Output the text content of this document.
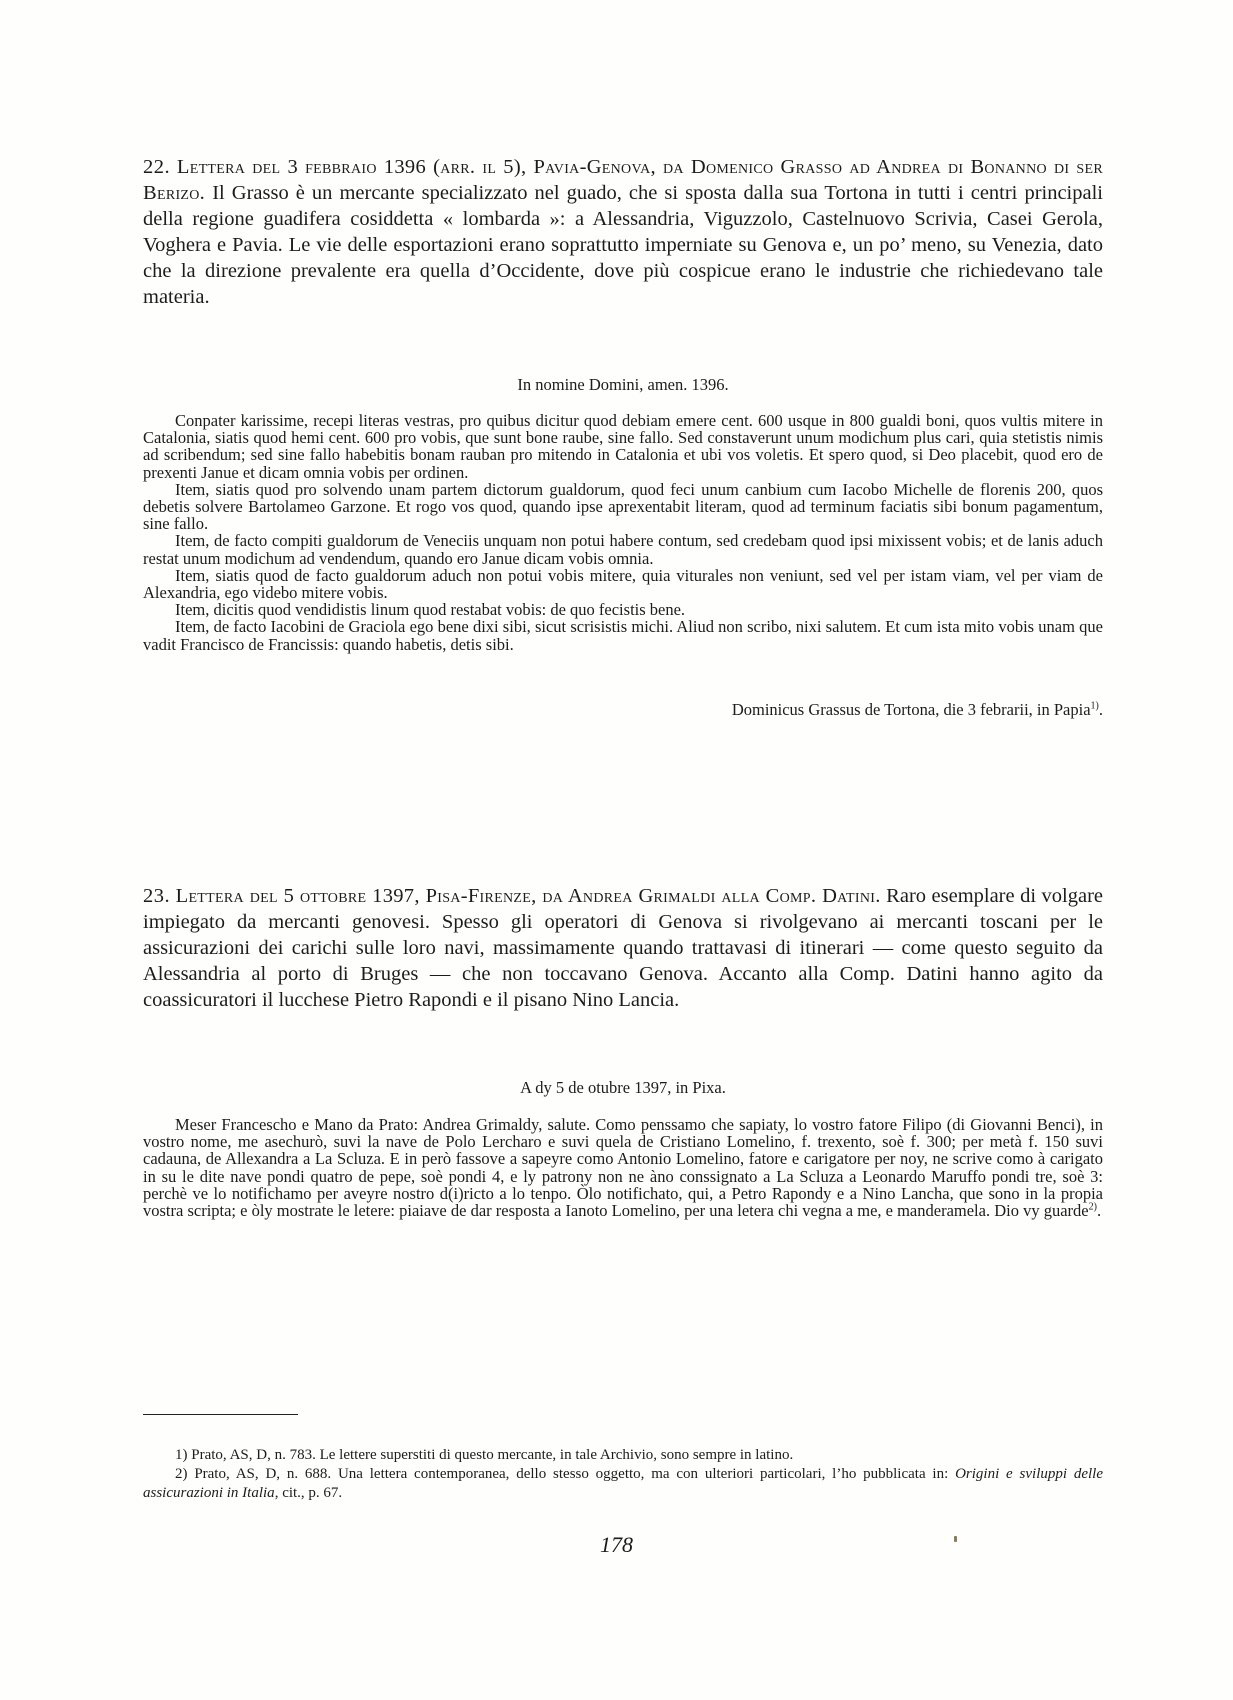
22. Lettera del 3 febbraio 1396 (arr. il 5), Pavia-Genova, da Domenico Grasso ad Andrea di Bonanno di ser Berizo. Il Grasso è un mercante specializzato nel guado, che si sposta dalla sua Tortona in tutti i centri principali della regione guadifera cosiddetta « lombarda »: a Alessandria, Viguzzolo, Castelnuovo Scrivia, Casei Gerola, Voghera e Pavia. Le vie delle esportazioni erano soprattutto imperniate su Genova e, un po’ meno, su Venezia, dato che la direzione prevalente era quella d’Occidente, dove più cospicue erano le industrie che richiedevano tale materia.

In nomine Domini, amen. 1396.

Conpater karissime, recepi literas vestras, pro quibus dicitur quod debiam emere cent. 600 usque in 800 gualdi boni, quos vultis mitere in Catalonia, siatis quod hemi cent. 600 pro vobis, que sunt bone raube, sine fallo. Sed constaverunt unum modichum plus cari, quia stetistis nimis ad scribendum; sed sine fallo habebitis bonam rauban pro mitendo in Catalonia et ubi vos voletis. Et spero quod, si Deo placebit, quod ero de prexenti Janue et dicam omnia vobis per ordinen.

Item, siatis quod pro solvendo unam partem dictorum gualdorum, quod feci unum canbium cum Iacobo Michelle de florenis 200, quos debetis solvere Bartolameo Garzone. Et rogo vos quod, quando ipse aprexentabit literam, quod ad terminum faciatis sibi bonum pagamentum, sine fallo.

Item, de facto compiti gualdorum de Veneciis unquam non potui habere contum, sed credebam quod ipsi mixissent vobis; et de lanis aduch restat unum modichum ad vendendum, quando ero Janue dicam vobis omnia.

Item, siatis quod de facto gualdorum aduch non potui vobis mitere, quia viturales non veniunt, sed vel per istam viam, vel per viam de Alexandria, ego videbo mitere vobis.

Item, dicitis quod vendidistis linum quod restabat vobis: de quo fecistis bene.

Item, de facto Iacobini de Graciola ego bene dixi sibi, sicut scrisistis michi. Aliud non scribo, nixi salutem. Et cum ista mito vobis unam que vadit Francisco de Francissis: quando habetis, detis sibi.

Dominicus Grassus de Tortona, die 3 febrarii, in Papia$^{1)}$.

23. Lettera del 5 ottobre 1397, Pisa-Firenze, da Andrea Grimaldi alla Comp. Datini. Raro esemplare di volgare impiegato da mercanti genovesi. Spesso gli operatori di Genova si rivolgevano ai mercanti toscani per le assicurazioni dei carichi sulle loro navi, massimamente quando trattavasi di itinerari — come questo seguito da Alessandria al porto di Bruges — che non toccavano Genova. Accanto alla Comp. Datini hanno agito da coassicuratori il lucchese Pietro Rapondi e il pisano Nino Lancia.

A dy 5 de otubre 1397, in Pixa.

Meser Francescho e Mano da Prato: Andrea Grimaldy, salute. Como penssamo che sapiaty, lo vostro fatore Filipo (di Giovanni Benci), in vostro nome, me asechurò, suvi la nave de Polo Lercharo e suvi quela de Cristiano Lomelino, f. trexento, soè f. 300; per metà f. 150 suvi cadauna, de Allexandra a La Scluza. E in però fassove a sapeyre como Antonio Lomelino, fatore e carigatore per noy, ne scrive como à carigato in su le dite nave pondi quatro de pepe, soè pondi 4, e ly patrony non ne àno conssignato a La Scluza a Leonardo Maruffo pondi tre, soè 3: perchè ve lo notifichamo per aveyre nostro d(i)ricto a lo tenpo. Òlo notifichato, qui, a Petro Rapondy e a Nino Lancha, que sono in la propia vostra scripta; e òly mostrate le letere: piaiave de dar resposta a Ianoto Lomelino, per una letera chi vegna a me, e manderamela. Dio vy guarde$^{2)}$.

1) Prato, AS, D, n. 783. Le lettere superstiti di questo mercante, in tale Archivio, sono sempre in latino.

2) Prato, AS, D, n. 688. Una lettera contemporanea, dello stesso oggetto, ma con ulteriori particolari, l’ho pubblicata in: Origini e sviluppi delle assicurazioni in Italia, cit., p. 67.

178
